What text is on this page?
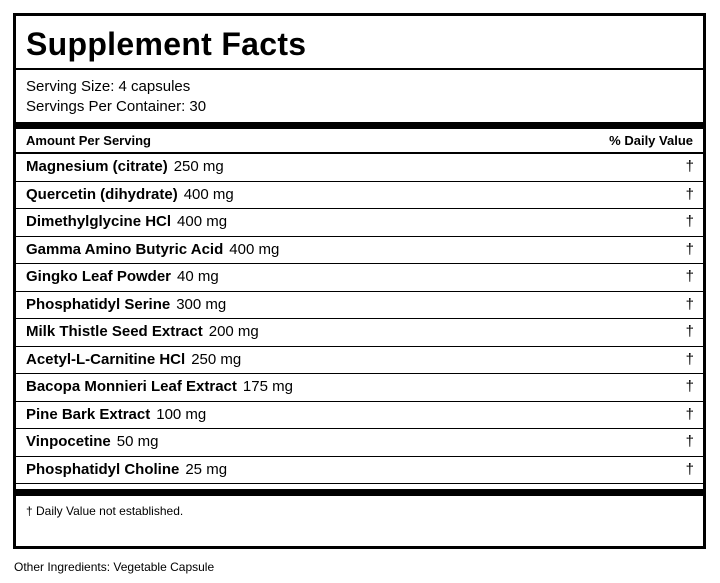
Supplement Facts
Serving Size: 4 capsules
Servings Per Container: 30
Amount Per Serving	% Daily Value
Magnesium (citrate) 250 mg	†
Quercetin (dihydrate) 400 mg	†
Dimethylglycine HCl 400 mg	†
Gamma Amino Butyric Acid 400 mg	†
Gingko Leaf Powder 40 mg	†
Phosphatidyl Serine 300 mg	†
Milk Thistle Seed Extract 200 mg	†
Acetyl-L-Carnitine HCl 250 mg	†
Bacopa Monnieri Leaf Extract 175 mg	†
Pine Bark Extract 100 mg	†
Vinpocetine 50 mg	†
Phosphatidyl Choline 25 mg	†
† Daily Value not established.
Other Ingredients: Vegetable Capsule
